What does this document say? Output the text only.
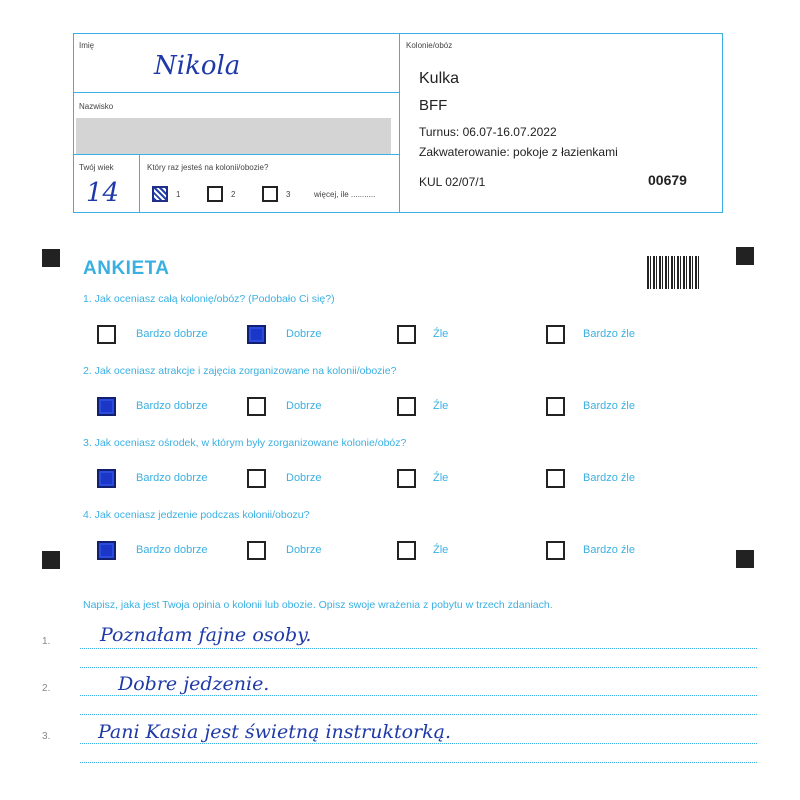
Imię
Nikola
Nazwisko
Twój wiek
14
Który raz jesteś na kolonii/obozie?
1	2	3	więcej, ile ...........
Kolonie/obóz
Kulka
BFF
Turnus: 06.07-16.07.2022
Zakwaterowanie: pokoje z łazienkami
KUL 02/07/1	00679
ANKIETA
1. Jak oceniasz całą kolonię/obóz? (Podobało Ci się?)
Bardzo dobrze	Dobrze	Źle	Bardzo źle
2. Jak oceniasz atrakcje i zajęcia zorganizowane na kolonii/obozie?
Bardzo dobrze	Dobrze	Źle	Bardzo źle
3. Jak oceniasz ośrodek, w którym były zorganizowane kolonie/obóz?
Bardzo dobrze	Dobrze	Źle	Bardzo źle
4. Jak oceniasz jedzenie podczas kolonii/obozu?
Bardzo dobrze	Dobrze	Źle	Bardzo źle
Napisz, jaka jest Twoja opinia o kolonii lub obozie. Opisz swoje wrażenia z pobytu w trzech zdaniach.
1.	Poznałam fajne osoby.
2.	Dobre jedzenie.
3.	Pani Kasia jest świetną instruktorką.
